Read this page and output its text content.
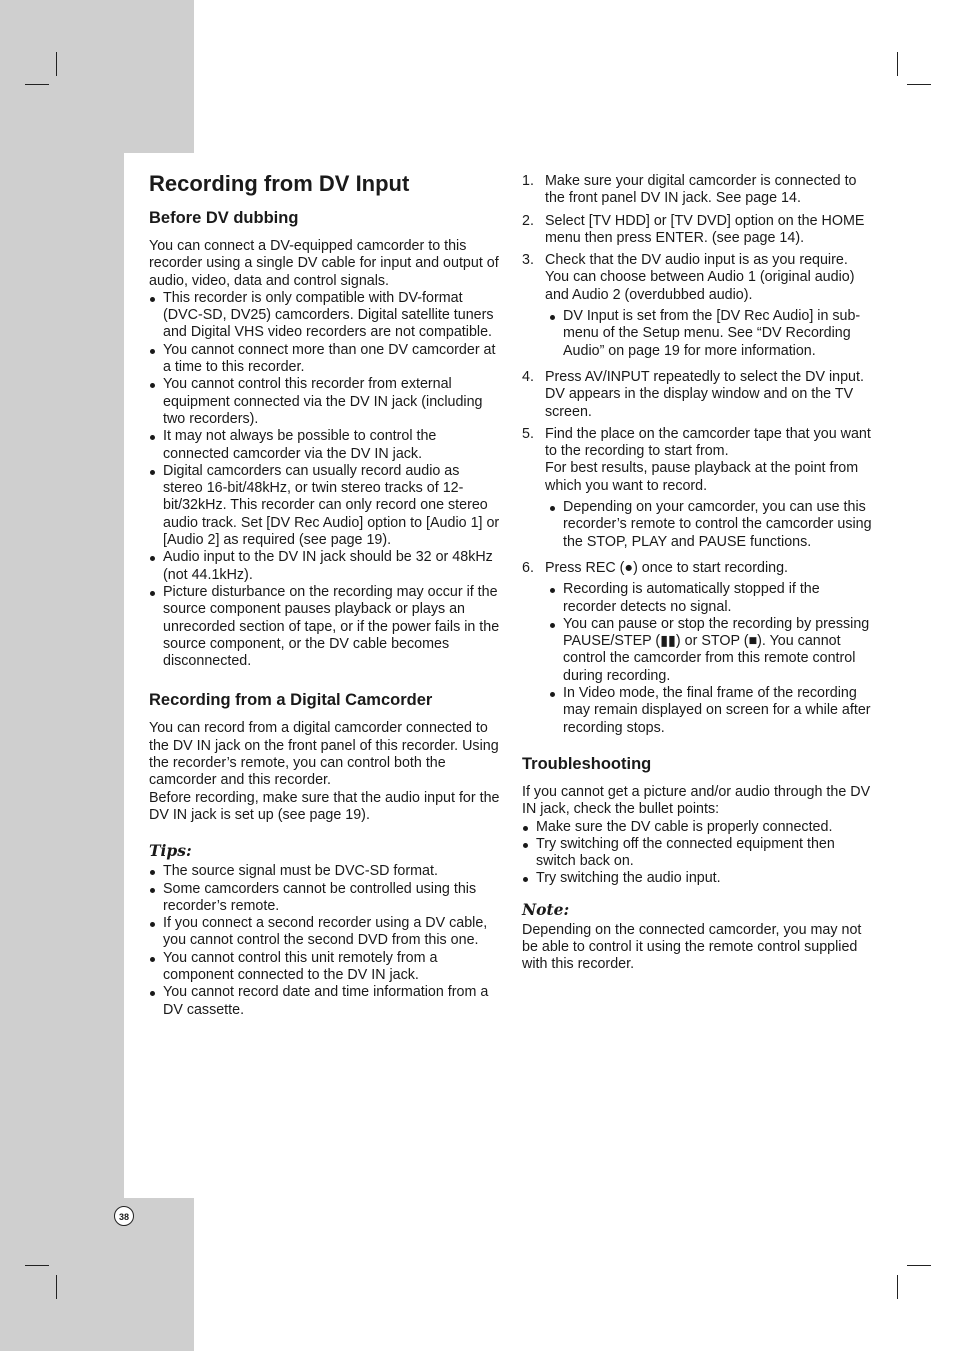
Recording from DV Input
Before DV dubbing

You can connect a DV-equipped camcorder to this recorder using a single DV cable for input and output of audio, video, data and control signals.

This recorder is only compatible with DV-format (DVC-SD, DV25) camcorders. Digital satellite tuners and Digital VHS video recorders are not compatible.
You cannot connect more than one DV camcorder at a time to this recorder.
You cannot control this recorder from external equipment connected via the DV IN jack (including two recorders).
It may not always be possible to control the connected camcorder via the DV IN jack.
Digital camcorders can usually record audio as stereo 16-bit/48kHz, or twin stereo tracks of 12-bit/32kHz. This recorder can only record one stereo audio track. Set [DV Rec Audio] option to [Audio 1] or [Audio 2] as required (see page 19).
Audio input to the DV IN jack should be 32 or 48kHz (not 44.1kHz).
Picture disturbance on the recording may occur if the source component pauses playback or plays an unrecorded section of tape, or if the power fails in the source component, or the DV cable becomes disconnected.
Recording from a Digital Camcorder

You can record from a digital camcorder connected to the DV IN jack on the front panel of this recorder. Using the recorder’s remote, you can control both the camcorder and this recorder.

Before recording, make sure that the audio input for the DV IN jack is set up (see page 19).

Tips:

The source signal must be DVC-SD format.
Some camcorders cannot be controlled using this recorder’s remote.
If you connect a second recorder using a DV cable, you cannot control the second DVD from this one.
You cannot control this unit remotely from a component connected to the DV IN jack.
You cannot record date and time information from a DV cassette.
1. Make sure your digital camcorder is connected to the front panel DV IN jack. See page 14.
2. Select [TV HDD] or [TV DVD] option on the HOME menu then press ENTER. (see page 14).
3. Check that the DV audio input is as you require. You can choose between Audio 1 (original audio) and Audio 2 (overdubbed audio).
DV Input is set from the [DV Rec Audio] in sub-menu of the Setup menu. See “DV Recording Audio” on page 19 for more information.
4. Press AV/INPUT repeatedly to select the DV input. DV appears in the display window and on the TV screen.
5. Find the place on the camcorder tape that you want to the recording to start from.
For best results, pause playback at the point from which you want to record.
Depending on your camcorder, you can use this recorder’s remote to control the camcorder using the STOP, PLAY and PAUSE functions.
6. Press REC (●) once to start recording.
Recording is automatically stopped if the recorder detects no signal.
You can pause or stop the recording by pressing PAUSE/STEP (▮▮) or STOP (■). You cannot control the camcorder from this remote control during recording.
In Video mode, the final frame of the recording may remain displayed on screen for a while after recording stops.
Troubleshooting

If you cannot get a picture and/or audio through the DV IN jack, check the bullet points:

Make sure the DV cable is properly connected.
Try switching off the connected equipment then switch back on.
Try switching the audio input.

Note:

Depending on the connected camcorder, you may not be able to control it using the remote control supplied with this recorder.

38
